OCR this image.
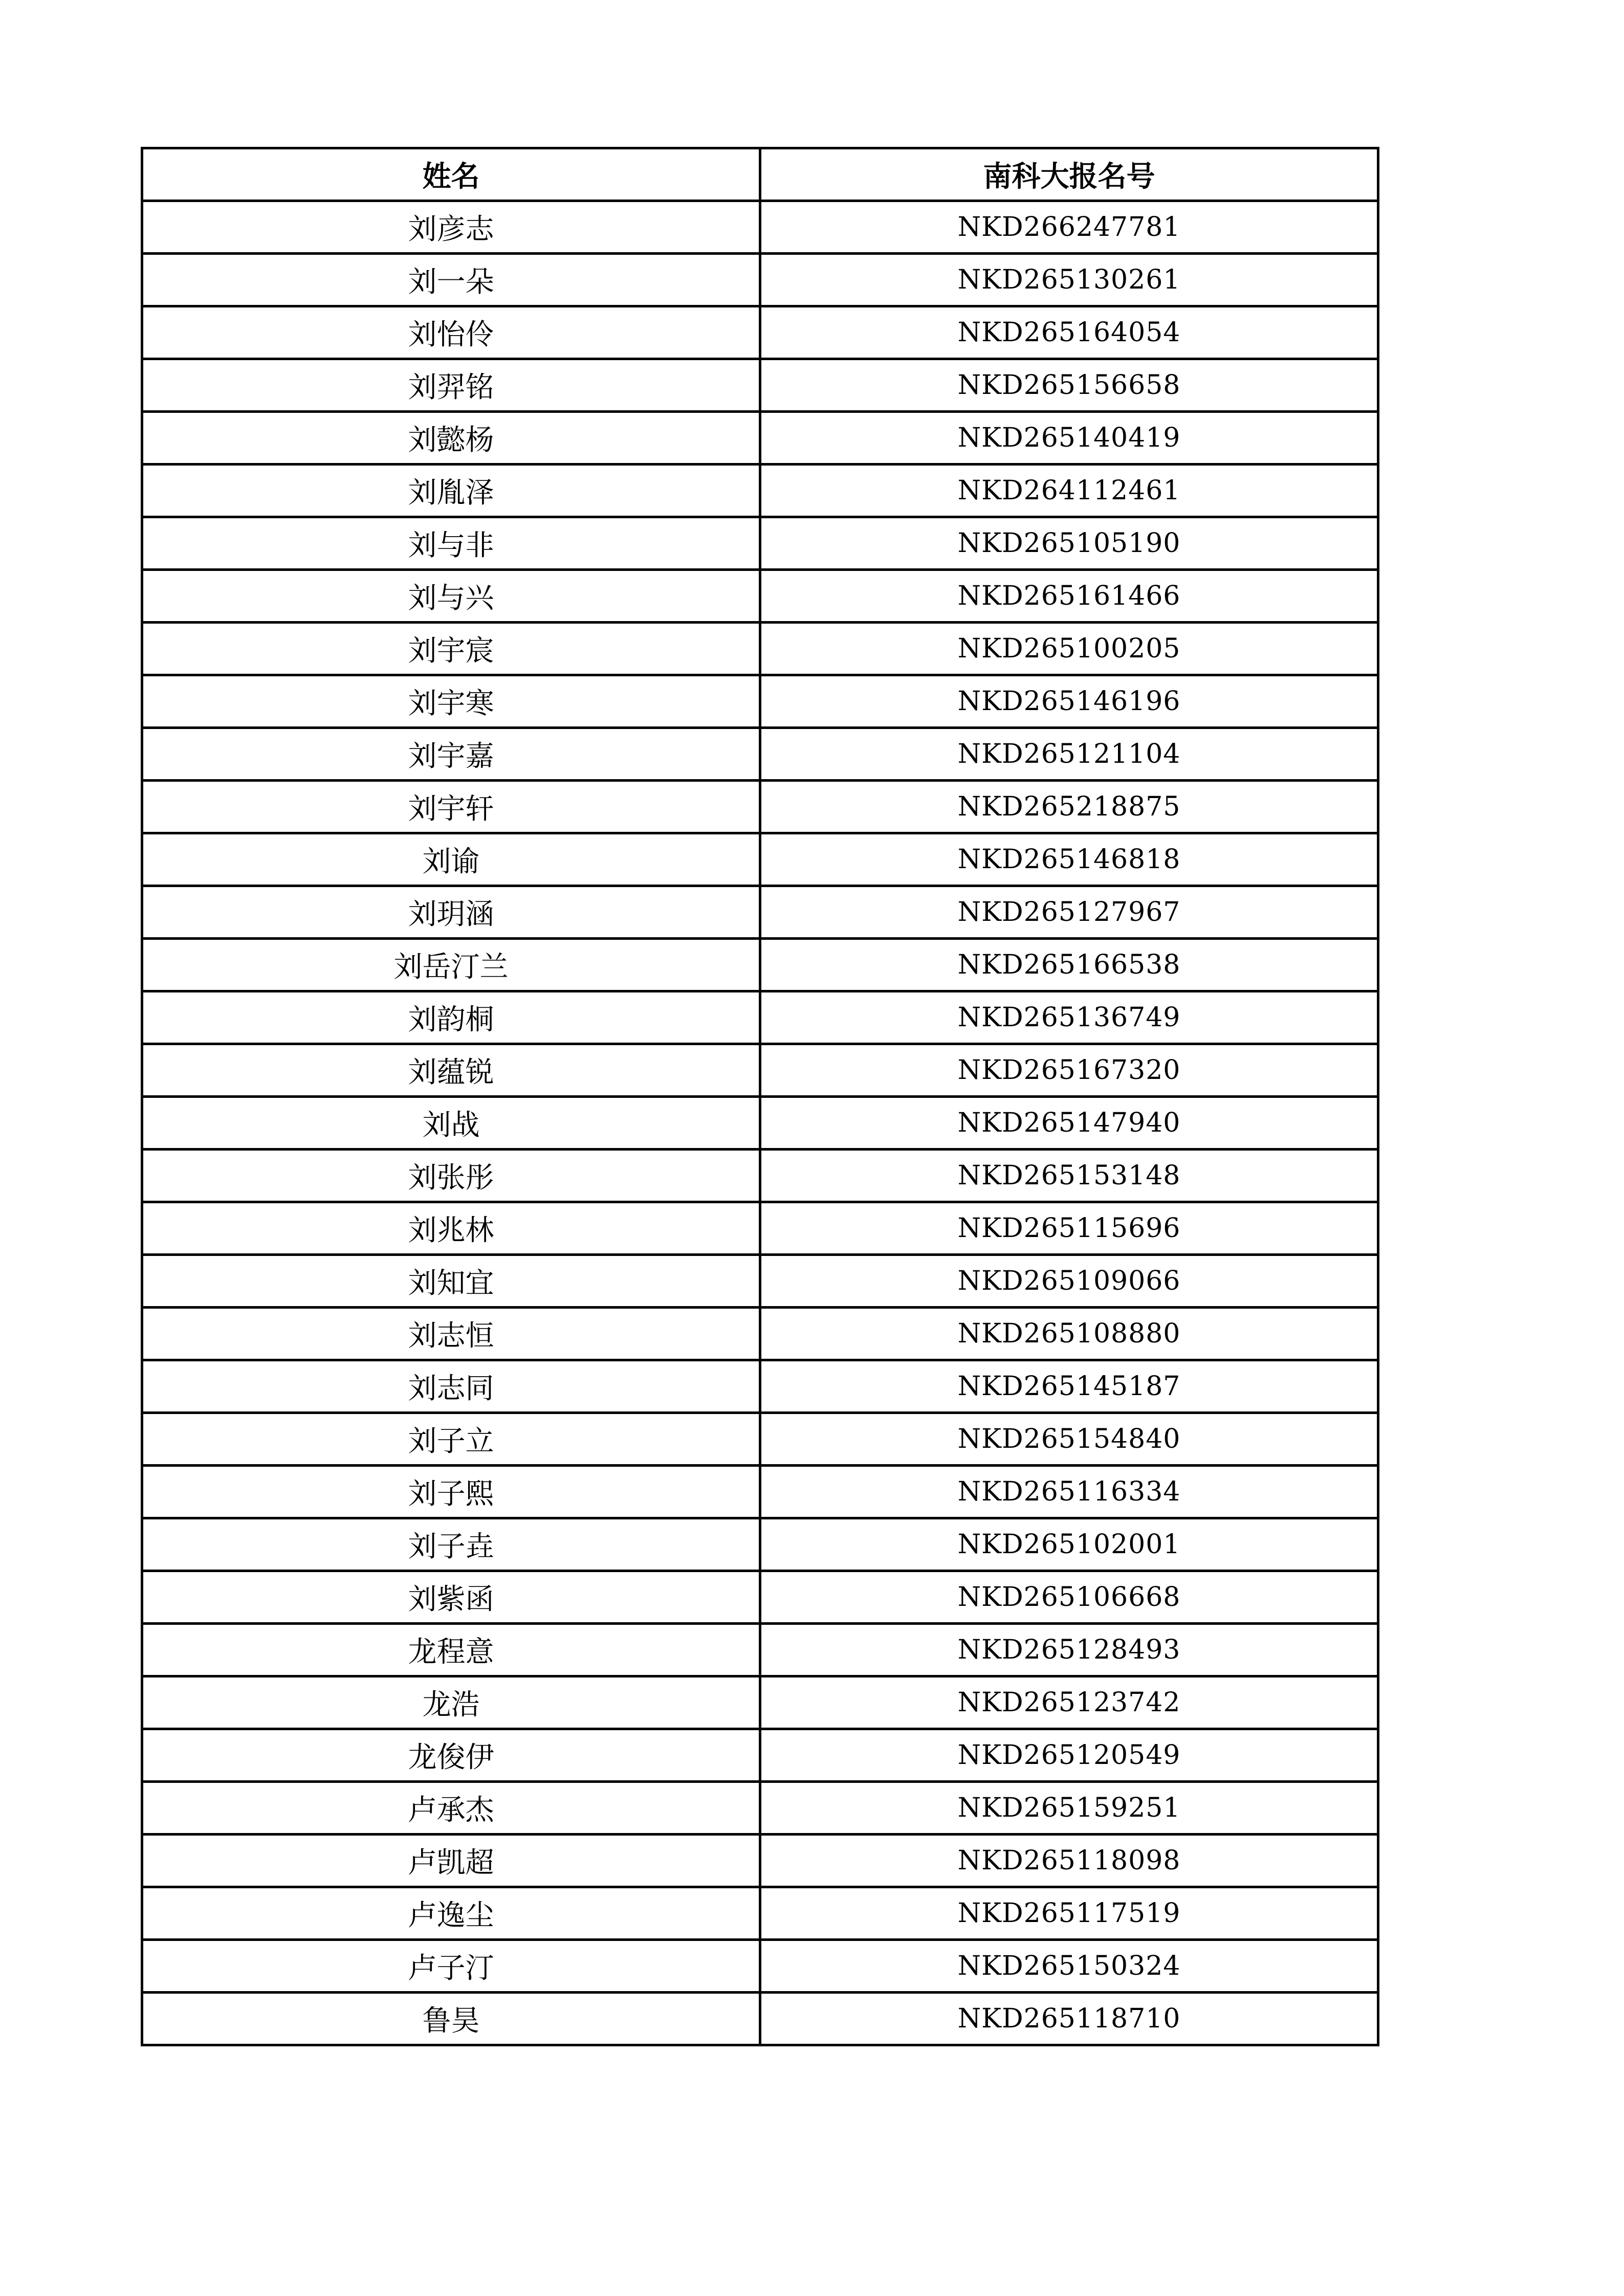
姓名	南科大报名号
刘彦志	NKD266247781
刘一朵	NKD265130261
刘怡伶	NKD265164054
刘羿铭	NKD265156658
刘懿杨	NKD265140419
刘胤泽	NKD264112461
刘与非	NKD265105190
刘与兴	NKD265161466
刘宇宸	NKD265100205
刘宇寒	NKD265146196
刘宇嘉	NKD265121104
刘宇轩	NKD265218875
刘谕	NKD265146818
刘玥涵	NKD265127967
刘岳汀兰	NKD265166538
刘韵桐	NKD265136749
刘蕴锐	NKD265167320
刘战	NKD265147940
刘张彤	NKD265153148
刘兆林	NKD265115696
刘知宜	NKD265109066
刘志恒	NKD265108880
刘志同	NKD265145187
刘子立	NKD265154840
刘子熙	NKD265116334
刘子垚	NKD265102001
刘紫函	NKD265106668
龙程意	NKD265128493
龙浩	NKD265123742
龙俊伊	NKD265120549
卢承杰	NKD265159251
卢凯超	NKD265118098
卢逸尘	NKD265117519
卢子汀	NKD265150324
鲁昊	NKD265118710
